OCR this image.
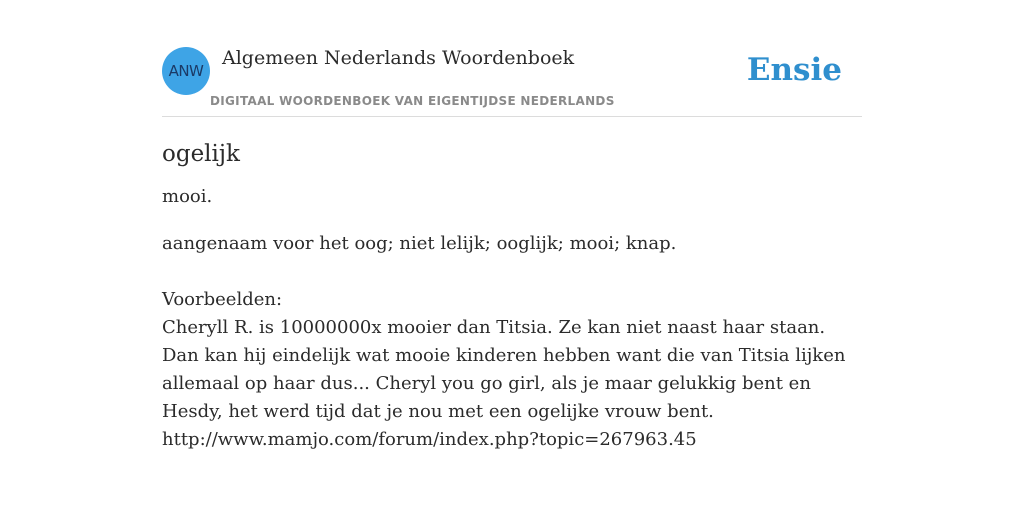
ANW
Algemeen Nederlands Woordenboek
DIGITAAL WOORDENBOEK VAN EIGENTIJDSE NEDERLANDS
Ensie
ogelijk

mooi.

aangenaam voor het oog; niet lelijk; ooglijk; mooi; knap.

Voorbeelden:

Cheryll R. is 10000000x mooier dan Titsia. Ze kan niet naast haar staan. Dan kan hij eindelijk wat mooie kinderen hebben want die van Titsia lijken allemaal op haar dus... Cheryl you go girl, als je maar gelukkig bent en Hesdy, het werd tijd dat je nou met een ogelijke vrouw bent.

http://www.mamjo.com/forum/index.php?topic=267963.45
